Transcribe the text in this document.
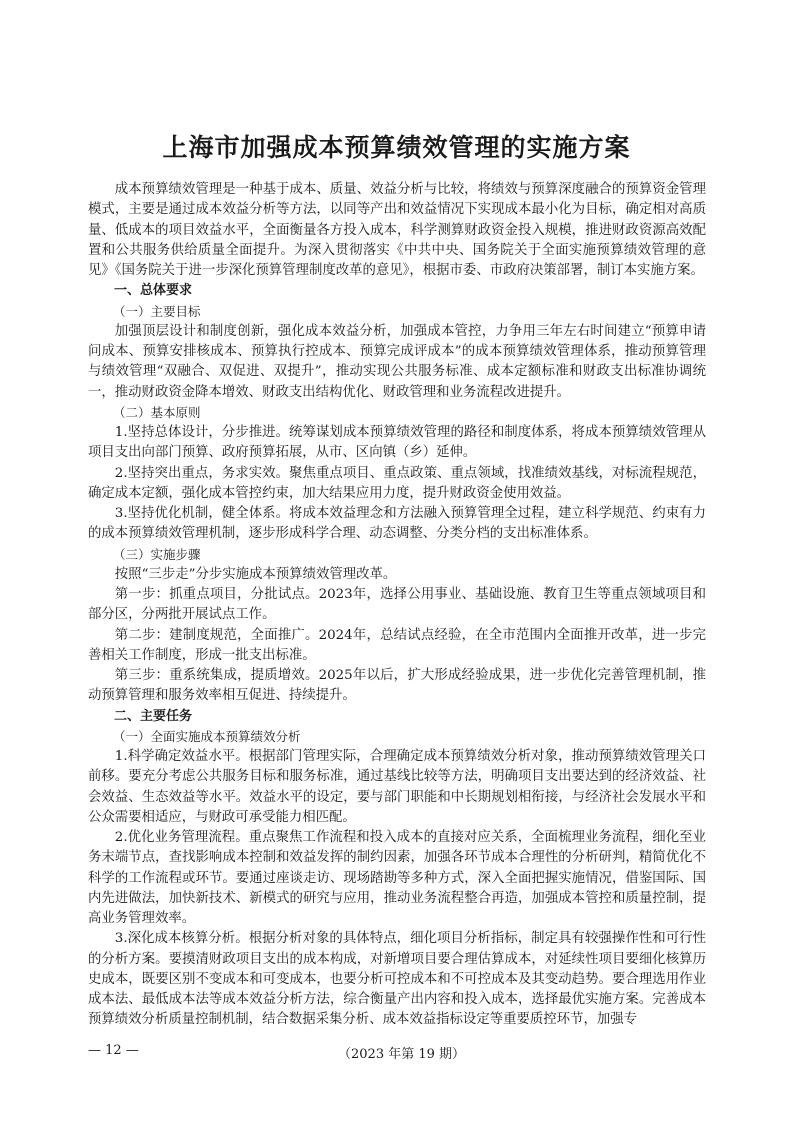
上海市加强成本预算绩效管理的实施方案

成本预算绩效管理是一种基于成本、质量、效益分析与比较，将绩效与预算深度融合的预算资金管理模式，主要是通过成本效益分析等方法，以同等产出和效益情况下实现成本最小化为目标，确定相对高质量、低成本的项目效益水平，全面衡量各方投入成本，科学测算财政资金投入规模，推进财政资源高效配置和公共服务供给质量全面提升。为深入贯彻落实《中共中央、国务院关于全面实施预算绩效管理的意见》《国务院关于进一步深化预算管理制度改革的意见》，根据市委、市政府决策部署，制订本实施方案。

一、总体要求

（一）主要目标

加强顶层设计和制度创新，强化成本效益分析，加强成本管控，力争用三年左右时间建立“预算申请问成本、预算安排核成本、预算执行控成本、预算完成评成本”的成本预算绩效管理体系，推动预算管理与绩效管理“双融合、双促进、双提升”，推动实现公共服务标准、成本定额标准和财政支出标准协调统一，推动财政资金降本增效、财政支出结构优化、财政管理和业务流程改进提升。

（二）基本原则

1.坚持总体设计，分步推进。统筹谋划成本预算绩效管理的路径和制度体系，将成本预算绩效管理从项目支出向部门预算、政府预算拓展，从市、区向镇（乡）延伸。

2.坚持突出重点，务求实效。聚焦重点项目、重点政策、重点领域，找准绩效基线，对标流程规范，确定成本定额，强化成本管控约束，加大结果应用力度，提升财政资金使用效益。

3.坚持优化机制，健全体系。将成本效益理念和方法融入预算管理全过程，建立科学规范、约束有力的成本预算绩效管理机制，逐步形成科学合理、动态调整、分类分档的支出标准体系。

（三）实施步骤

按照“三步走”分步实施成本预算绩效管理改革。

第一步：抓重点项目，分批试点。2023年，选择公用事业、基础设施、教育卫生等重点领域项目和部分区，分两批开展试点工作。

第二步：建制度规范，全面推广。2024年，总结试点经验，在全市范围内全面推开改革，进一步完善相关工作制度，形成一批支出标准。

第三步：重系统集成，提质增效。2025年以后，扩大形成经验成果，进一步优化完善管理机制，推动预算管理和服务效率相互促进、持续提升。

二、主要任务

（一）全面实施成本预算绩效分析

1.科学确定效益水平。根据部门管理实际，合理确定成本预算绩效分析对象，推动预算绩效管理关口前移。要充分考虑公共服务目标和服务标准，通过基线比较等方法，明确项目支出要达到的经济效益、社会效益、生态效益等水平。效益水平的设定，要与部门职能和中长期规划相衔接，与经济社会发展水平和公众需要相适应，与财政可承受能力相匹配。

2.优化业务管理流程。重点聚焦工作流程和投入成本的直接对应关系，全面梳理业务流程，细化至业务末端节点，查找影响成本控制和效益发挥的制约因素，加强各环节成本合理性的分析研判，精简优化不科学的工作流程或环节。要通过座谈走访、现场踏勘等多种方式，深入全面把握实施情况，借鉴国际、国内先进做法，加快新技术、新模式的研究与应用，推动业务流程整合再造，加强成本管控和质量控制，提高业务管理效率。

3.深化成本核算分析。根据分析对象的具体特点，细化项目分析指标，制定具有较强操作性和可行性的分析方案。要摸清财政项目支出的成本构成，对新增项目要合理估算成本，对延续性项目要细化核算历史成本，既要区别不变成本和可变成本，也要分析可控成本和不可控成本及其变动趋势。要合理选用作业成本法、最低成本法等成本效益分析方法，综合衡量产出内容和投入成本，选择最优实施方案。完善成本预算绩效分析质量控制机制，结合数据采集分析、成本效益指标设定等重要质控环节，加强专

— 12 —	（2023 年第 19 期）
